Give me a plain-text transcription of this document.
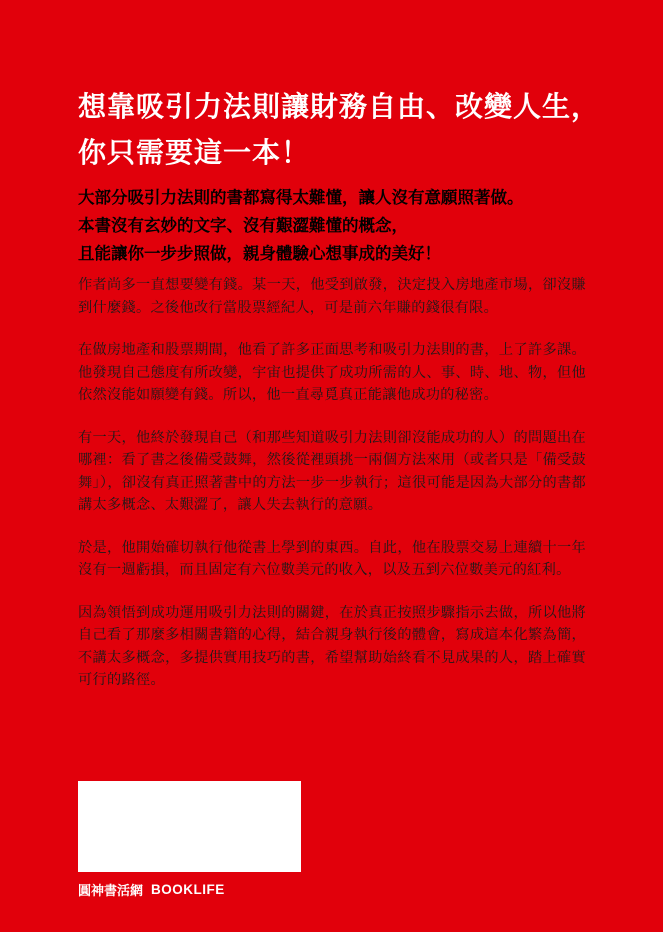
想靠吸引力法則讓財務自由、改變人生，
你只需要這一本！
大部分吸引力法則的書都寫得太難懂，讓人沒有意願照著做。
本書沒有玄妙的文字、沒有艱澀難懂的概念，
且能讓你一步步照做，親身體驗心想事成的美好！

作者尚多一直想要變有錢。某一天，他受到啟發，決定投入房地產市場，卻沒賺到什麼錢。之後他改行當股票經紀人，可是前六年賺的錢很有限。

在做房地產和股票期間，他看了許多正面思考和吸引力法則的書，上了許多課。他發現自己態度有所改變，宇宙也提供了成功所需的人、事、時、地、物，但他依然沒能如願變有錢。所以，他一直尋覓真正能讓他成功的秘密。

有一天，他終於發現自己（和那些知道吸引力法則卻沒能成功的人）的問題出在哪裡：看了書之後備受鼓舞，然後從裡頭挑一兩個方法來用（或者只是「備受鼓舞」），卻沒有真正照著書中的方法一步一步執行；這很可能是因為大部分的書都講太多概念、太艱澀了，讓人失去執行的意願。

於是，他開始確切執行他從書上學到的東西。自此，他在股票交易上連續十一年沒有一週虧損，而且固定有六位數美元的收入，以及五到六位數美元的紅利。

因為領悟到成功運用吸引力法則的關鍵，在於真正按照步驟指示去做，所以他將自己看了那麼多相關書籍的心得，結合親身執行後的體會，寫成這本化繁為簡，不講太多概念，多提供實用技巧的書，希望幫助始終看不見成果的人，踏上確實可行的路徑。

圓神書活網 BOOKLIFE
